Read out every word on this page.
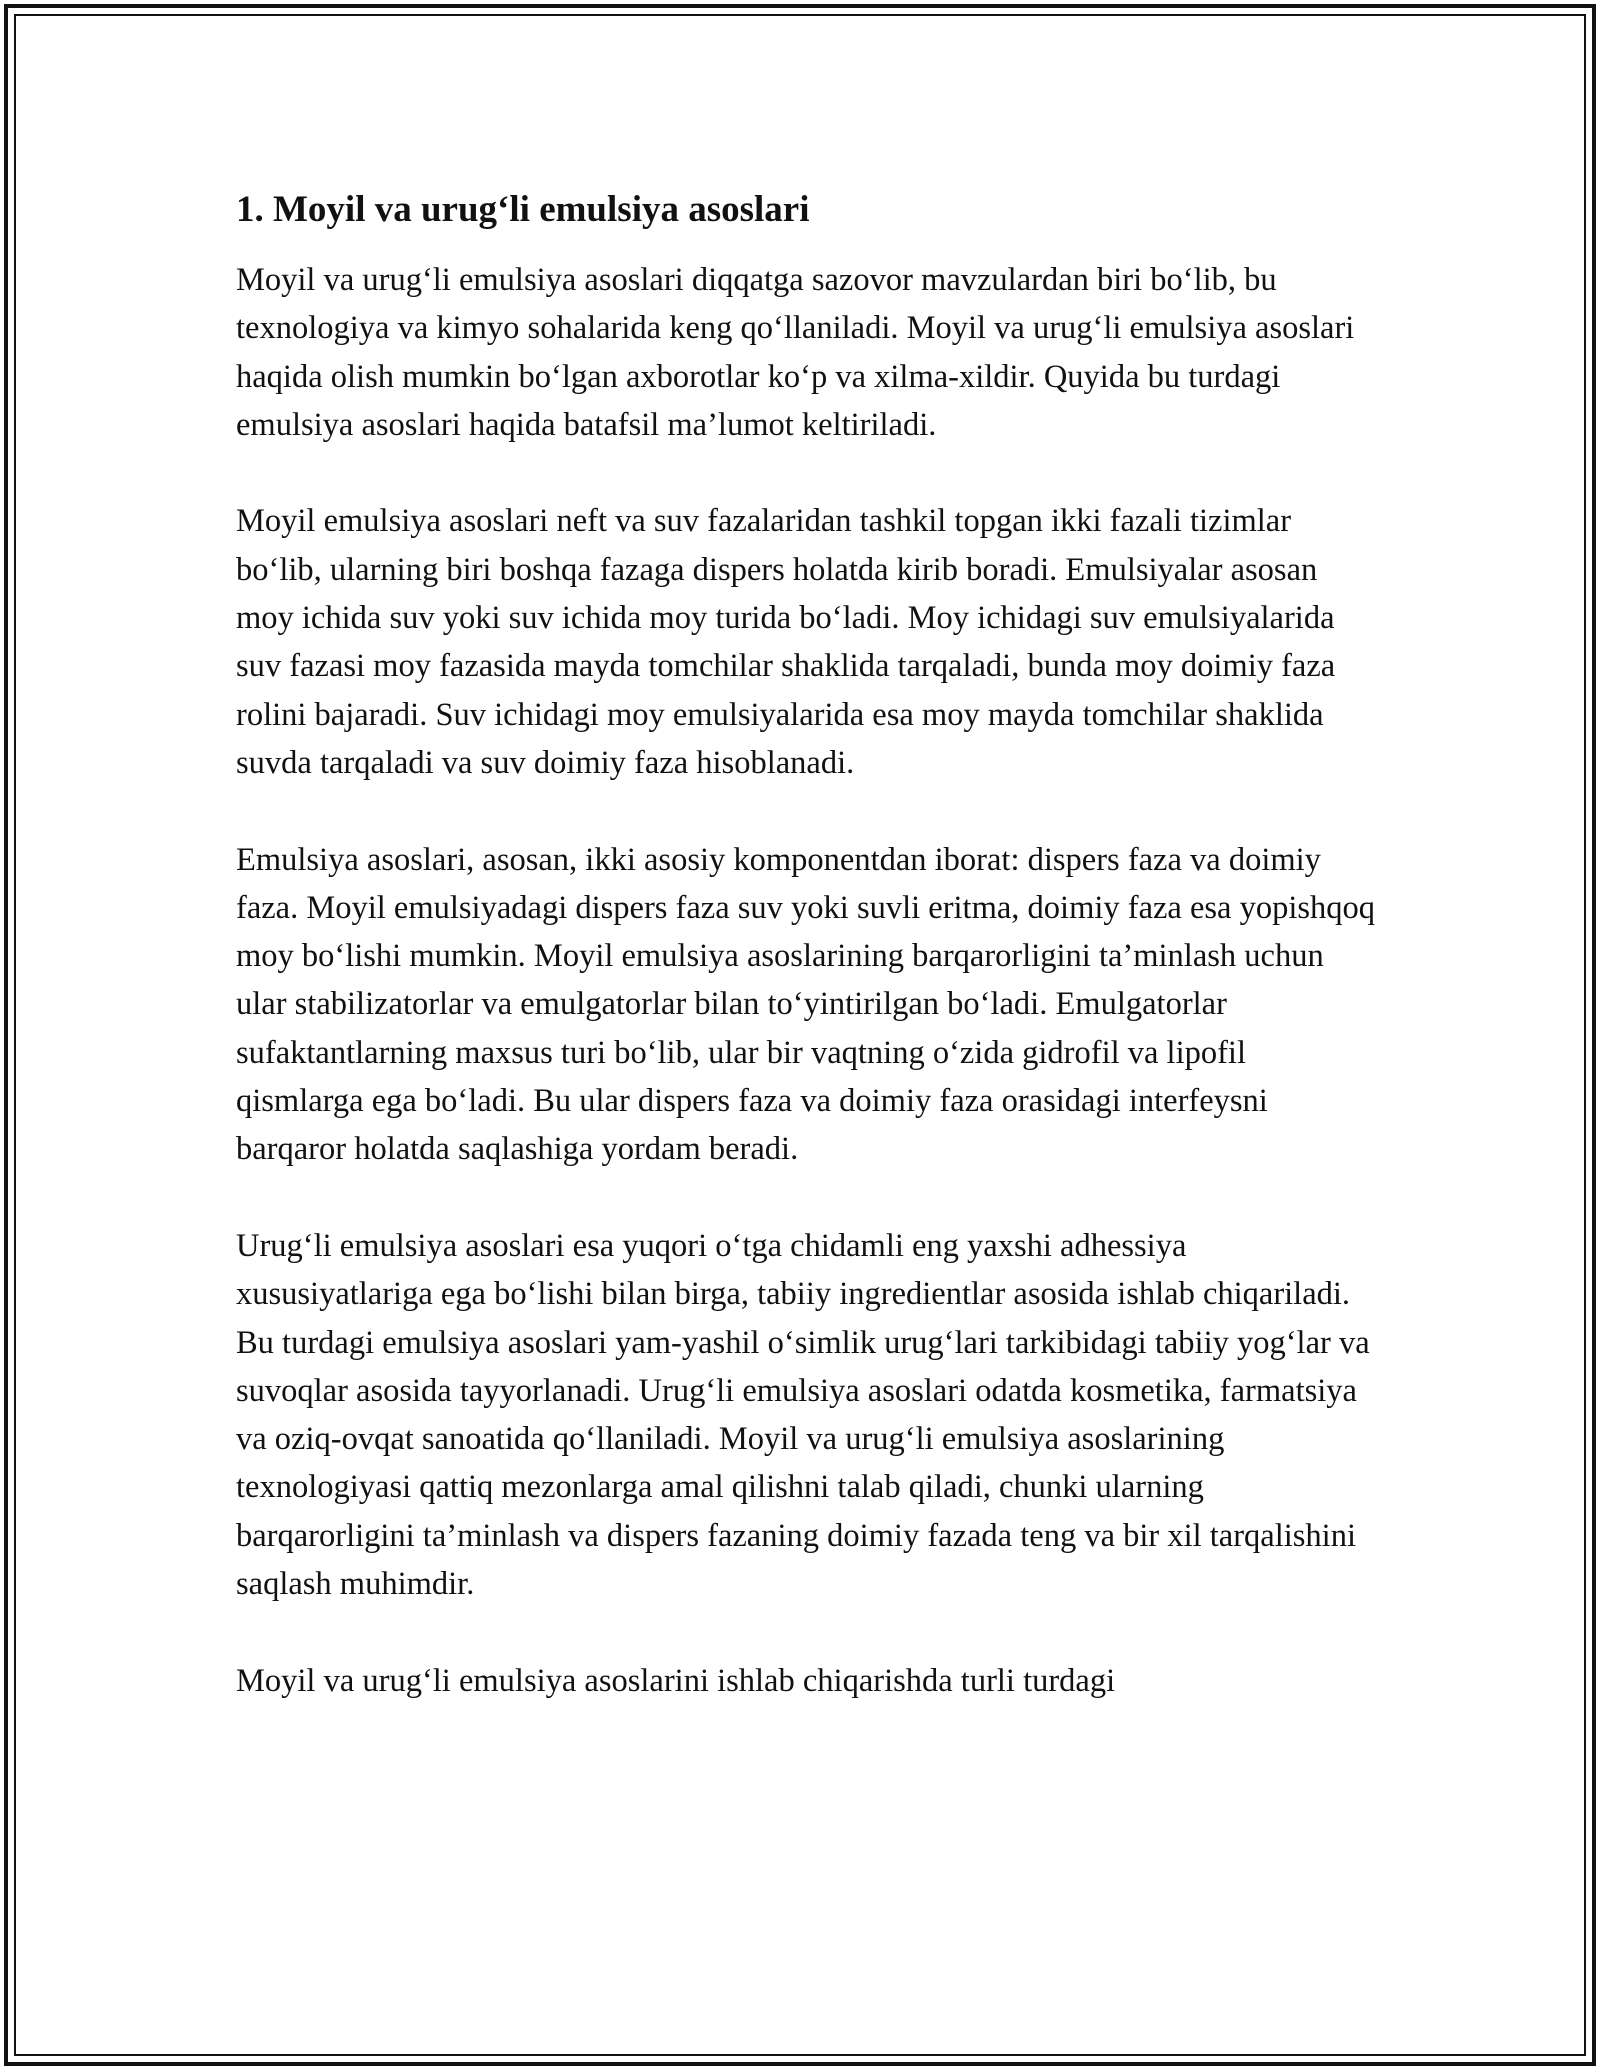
1. Moyil va urug‘li emulsiya asoslari

Moyil va urug‘li emulsiya asoslari diqqatga sazovor mavzulardan biri bo‘lib, bu texnologiya va kimyo sohalarida keng qo‘llaniladi. Moyil va urug‘li emulsiya asoslari haqida olish mumkin bo‘lgan axborotlar ko‘p va xilma-xildir. Quyida bu turdagi emulsiya asoslari haqida batafsil ma’lumot keltiriladi.

Moyil emulsiya asoslari neft va suv fazalaridan tashkil topgan ikki fazali tizimlar bo‘lib, ularning biri boshqa fazaga dispers holatda kirib boradi. Emulsiyalar asosan moy ichida suv yoki suv ichida moy turida bo‘ladi. Moy ichidagi suv emulsiyalarida suv fazasi moy fazasida mayda tomchilar shaklida tarqaladi, bunda moy doimiy faza rolini bajaradi. Suv ichidagi moy emulsiyalarida esa moy mayda tomchilar shaklida suvda tarqaladi va suv doimiy faza hisoblanadi.

Emulsiya asoslari, asosan, ikki asosiy komponentdan iborat: dispers faza va doimiy faza. Moyil emulsiyadagi dispers faza suv yoki suvli eritma, doimiy faza esa yopishqoq moy bo‘lishi mumkin. Moyil emulsiya asoslarining barqarorligini ta’minlash uchun ular stabilizatorlar va emulgatorlar bilan to‘yintirilgan bo‘ladi. Emulgatorlar sufaktantlarning maxsus turi bo‘lib, ular bir vaqtning o‘zida gidrofil va lipofil qismlarga ega bo‘ladi. Bu ular dispers faza va doimiy faza orasidagi interfeysni barqaror holatda saqlashiga yordam beradi.

Urug‘li emulsiya asoslari esa yuqori o‘tga chidamli eng yaxshi adhessiya xususiyatlariga ega bo‘lishi bilan birga, tabiiy ingredientlar asosida ishlab chiqariladi. Bu turdagi emulsiya asoslari yam-yashil o‘simlik urug‘lari tarkibidagi tabiiy yog‘lar va suvoqlar asosida tayyorlanadi. Urug‘li emulsiya asoslari odatda kosmetika, farmatsiya va oziq-ovqat sanoatida qo‘llaniladi. Moyil va urug‘li emulsiya asoslarining texnologiyasi qattiq mezonlarga amal qilishni talab qiladi, chunki ularning barqarorligini ta’minlash va dispers fazaning doimiy fazada teng va bir xil tarqalishini saqlash muhimdir.

Moyil va urug‘li emulsiya asoslarini ishlab chiqarishda turli turdagi
